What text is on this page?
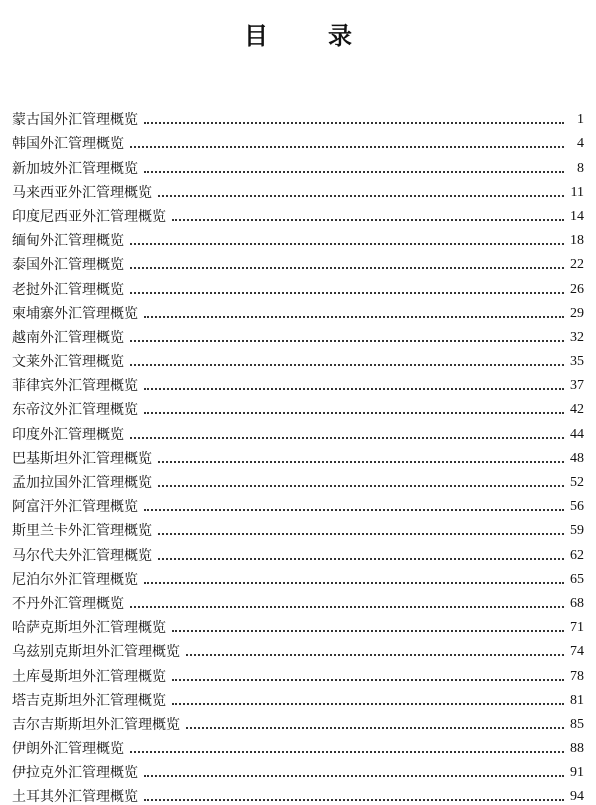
目	录
蒙古国外汇管理概览	1
韩国外汇管理概览	4
新加坡外汇管理概览	8
马来西亚外汇管理概览	11
印度尼西亚外汇管理概览	14
缅甸外汇管理概览	18
泰国外汇管理概览	22
老挝外汇管理概览	26
柬埔寨外汇管理概览	29
越南外汇管理概览	32
文莱外汇管理概览	35
菲律宾外汇管理概览	37
东帝汶外汇管理概览	42
印度外汇管理概览	44
巴基斯坦外汇管理概览	48
孟加拉国外汇管理概览	52
阿富汗外汇管理概览	56
斯里兰卡外汇管理概览	59
马尔代夫外汇管理概览	62
尼泊尔外汇管理概览	65
不丹外汇管理概览	68
哈萨克斯坦外汇管理概览	71
乌兹别克斯坦外汇管理概览	74
土库曼斯坦外汇管理概览	78
塔吉克斯坦外汇管理概览	81
吉尔吉斯斯坦外汇管理概览	85
伊朗外汇管理概览	88
伊拉克外汇管理概览	91
土耳其外汇管理概览	94
